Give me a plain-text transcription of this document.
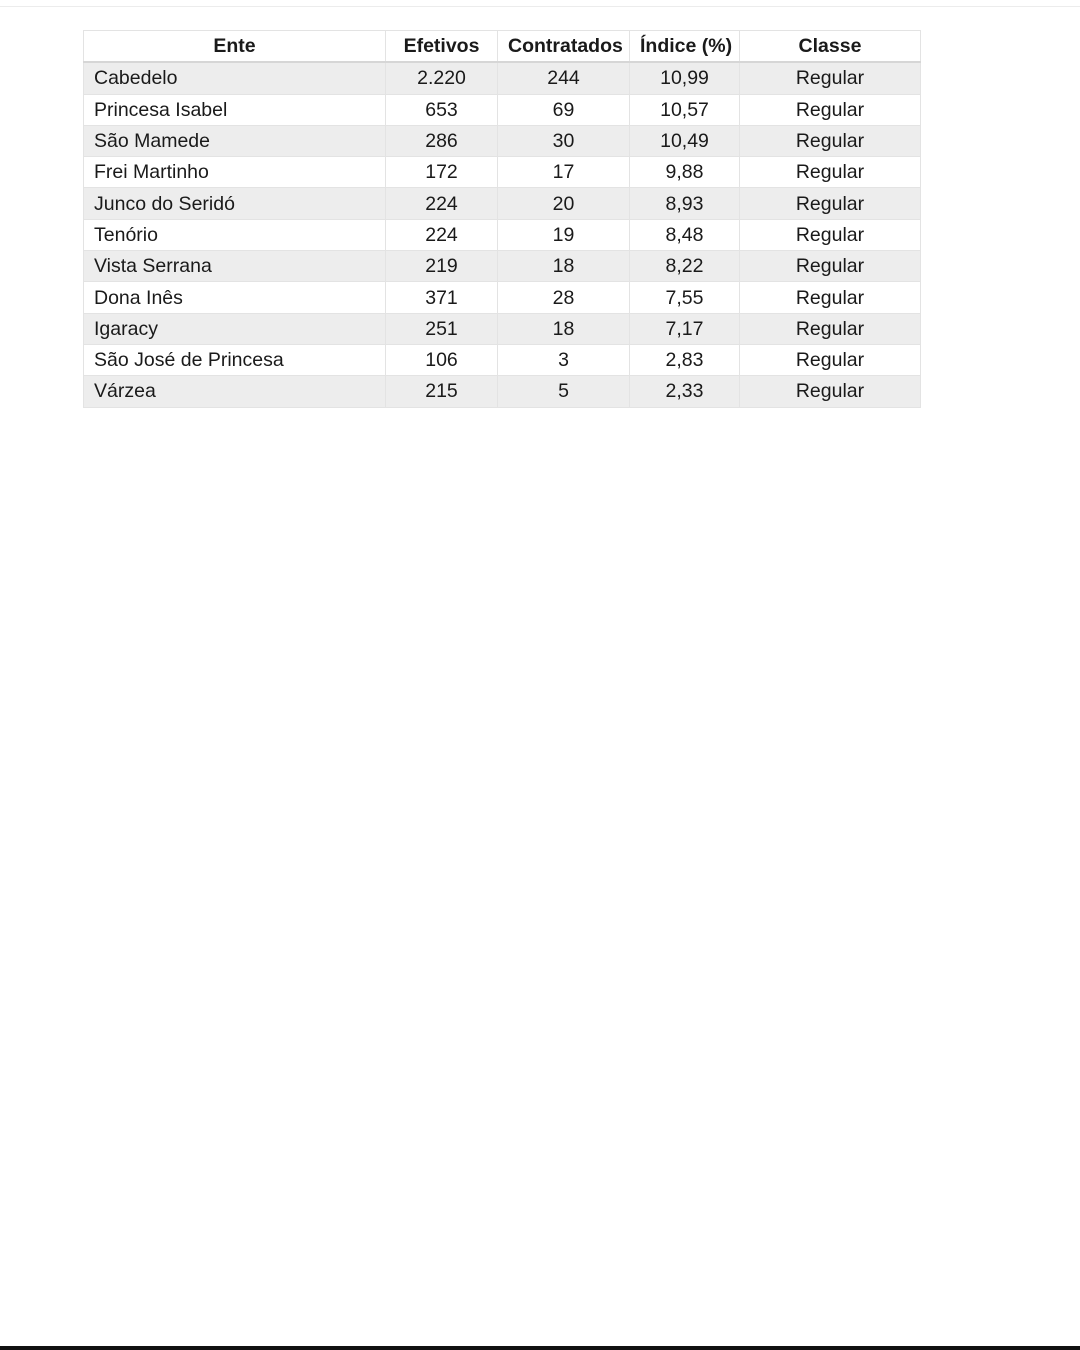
Ente	Efetivos	Contratados	Índice (%)	Classe
Cabedelo	2.220	244	10,99	Regular
Princesa Isabel	653	69	10,57	Regular
São Mamede	286	30	10,49	Regular
Frei Martinho	172	17	9,88	Regular
Junco do Seridó	224	20	8,93	Regular
Tenório	224	19	8,48	Regular
Vista Serrana	219	18	8,22	Regular
Dona Inês	371	28	7,55	Regular
Igaracy	251	18	7,17	Regular
São José de Princesa	106	3	2,83	Regular
Várzea	215	5	2,33	Regular
